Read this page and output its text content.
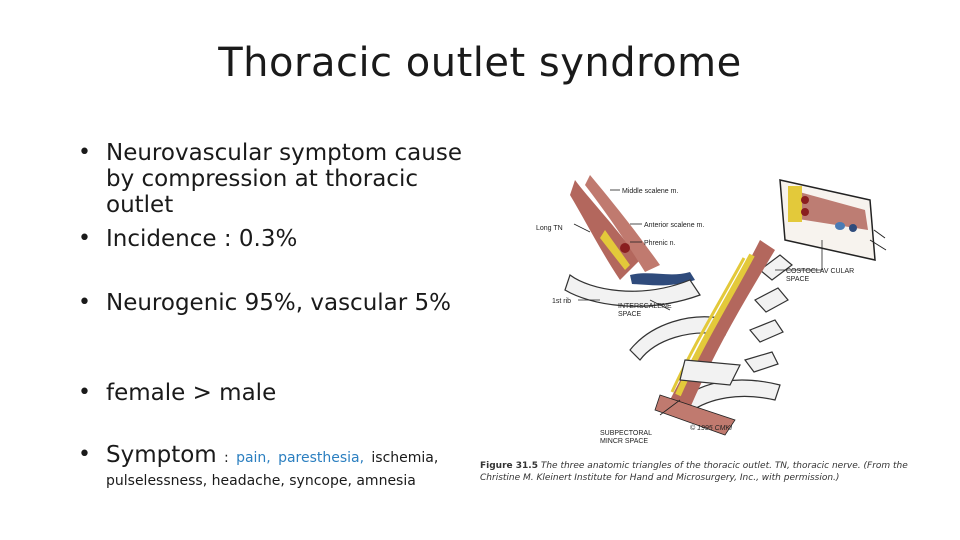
Thoracic outlet syndrome
• Neurovascular symptom cause by compression at thoracic outlet
• Incidence : 0.3%
• Neurogenic 95%, vascular 5%
• female > male
• Symptom : pain, paresthesia, ischemia,
pulselessness, headache, syncope, amnesia
Middle scalene m.
Anterior scalene m.
Phrenic n.
Long TN
1st rib
INTERSCALENE
SPACE
COSTOCLAV CULAR
SPACE
SUBPECTORAL
MINCR SPACE
© 1995 CMKI
Figure 31.5 The three anatomic triangles of the thoracic outlet. TN, thoracic nerve. (From the Christine M. Kleinert Institute for Hand and Microsurgery, Inc., with permission.)
